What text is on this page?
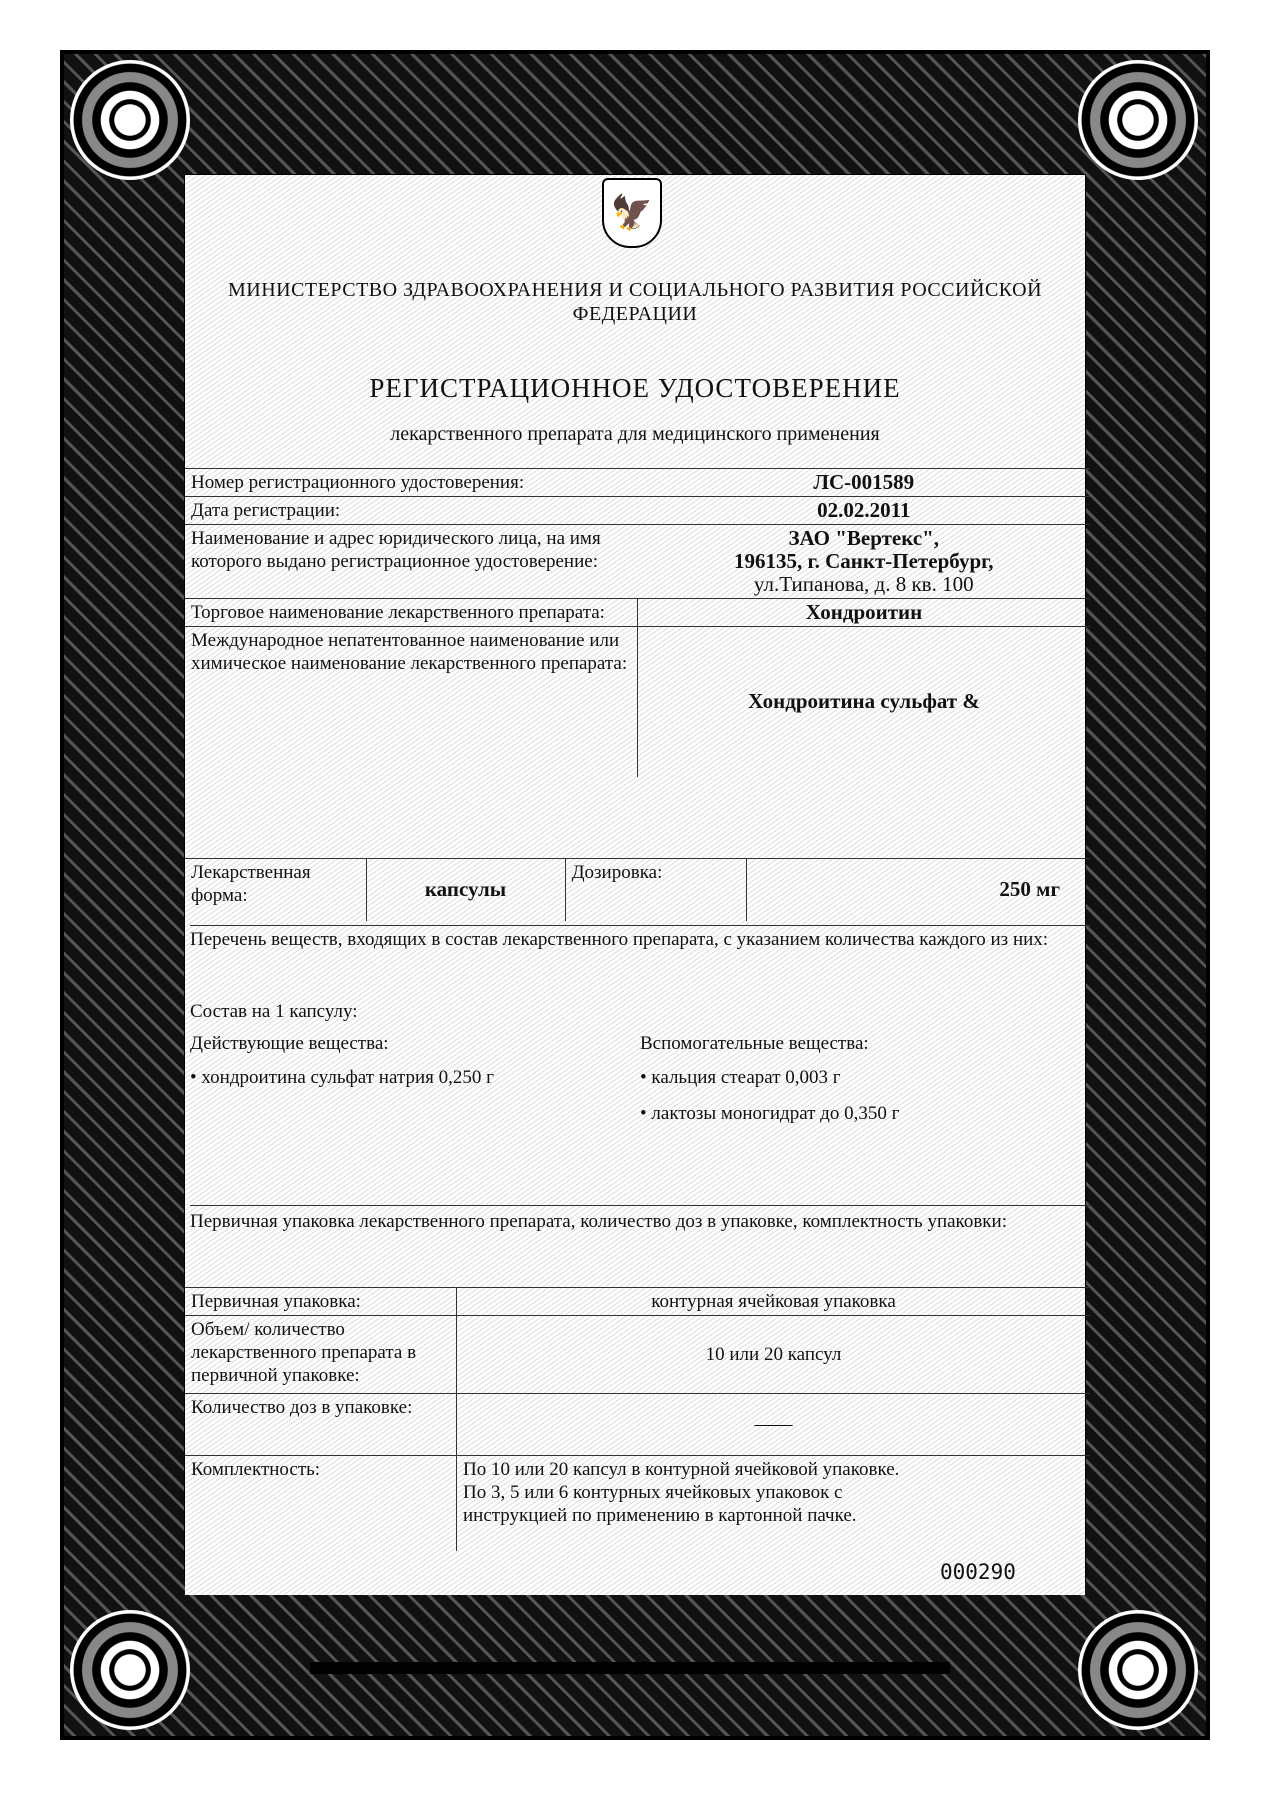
🦅
МИНИСТЕРСТВО ЗДРАВООХРАНЕНИЯ И СОЦИАЛЬНОГО РАЗВИТИЯ РОССИЙСКОЙ ФЕДЕРАЦИИ
РЕГИСТРАЦИОННОЕ УДОСТОВЕРЕНИЕ
лекарственного препарата для медицинского применения
Номер регистрационного удостоверения:	ЛС-001589
Дата регистрации:	02.02.2011
Наименование и адрес юридического лица, на имя которого выдано регистрационное удостоверение:	ЗАО "Вертекс",
196135, г. Санкт-Петербург,
ул.Типанова, д. 8 кв. 100

Торговое наименование лекарственного препарата:	Хондроитин
Международное непатентованное наименование или химическое наименование лекарственного препарата:	Хондроитина сульфат &
Лекарственная форма:	капсулы	Дозировка:	250 мг
Перечень веществ, входящих в состав лекарственного препарата, с указанием количества каждого из них:
Состав на 1 капсулу:
Действующие вещества:
• хондроитина сульфат натрия 0,250 г
Вспомогательные вещества:
• кальция стеарат 0,003 г
• лактозы моногидрат до 0,350 г
Первичная упаковка лекарственного препарата, количество доз в упаковке, комплектность упаковки:
Первичная упаковка:	контурная ячейковая упаковка
Объем/ количество лекарственного препарата в первичной упаковке:	10 или 20 капсул
Количество доз в упаковке:	——
Комплектность:	По 10 или 20 капсул в контурной ячейковой упаковке.
По 3, 5 или 6 контурных ячейковых упаковок с
инструкцией по применению в картонной пачке.
000290
